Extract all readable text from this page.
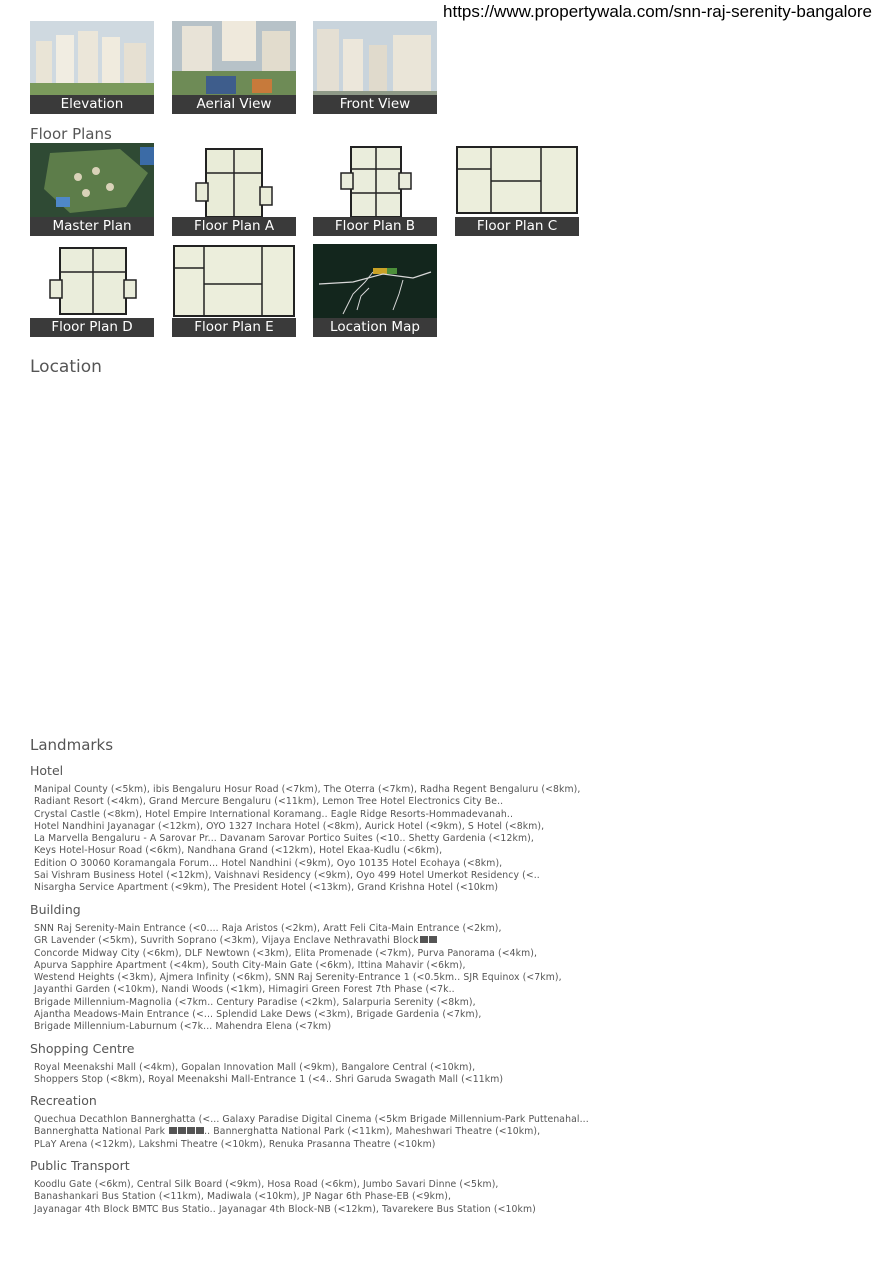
https://www.propertywala.com/snn-raj-serenity-bangalore
Elevation	Aerial View	Front View
Floor Plans
Master Plan	Floor Plan A	Floor Plan B	Floor Plan C
Floor Plan D	Floor Plan E	Location Map
Location
Landmarks
Hotel
Manipal County (<5km), ibis Bengaluru Hosur Road (<7km), The Oterra (<7km), Radha Regent Bengaluru (<8km),
Radiant Resort (<4km), Grand Mercure Bengaluru (<11km), Lemon Tree Hotel Electronics City Be..
Crystal Castle (<8km), Hotel Empire International Koramang.. Eagle Ridge Resorts-Hommadevanah..
Hotel Nandhini Jayanagar (<12km), OYO 1327 Inchara Hotel (<8km), Aurick Hotel (<9km), S Hotel (<8km),
La Marvella Bengaluru - A Sarovar Pr... Davanam Sarovar Portico Suites (<10.. Shetty Gardenia (<12km),
Keys Hotel-Hosur Road (<6km), Nandhana Grand (<12km), Hotel Ekaa-Kudlu (<6km),
Edition O 30060 Koramangala Forum... Hotel Nandhini (<9km), Oyo 10135 Hotel Ecohaya (<8km),
Sai Vishram Business Hotel (<12km), Vaishnavi Residency (<9km), Oyo 499 Hotel Umerkot Residency (<..
Nisargha Service Apartment (<9km), The President Hotel (<13km), Grand Krishna Hotel (<10km)
Building
SNN Raj Serenity-Main Entrance (<0.... Raja Aristos (<2km), Aratt Feli Cita-Main Entrance (<2km),
GR Lavender (<5km), Suvrith Soprano (<3km), Vijaya Enclave Nethravathi Block
Concorde Midway City (<6km), DLF Newtown (<3km), Elita Promenade (<7km), Purva Panorama (<4km),
Apurva Sapphire Apartment (<4km), South City-Main Gate (<6km), Ittina Mahavir (<6km),
Westend Heights (<3km), Ajmera Infinity (<6km), SNN Raj Serenity-Entrance 1 (<0.5km.. SJR Equinox (<7km),
Jayanthi Garden (<10km), Nandi Woods (<1km), Himagiri Green Forest 7th Phase (<7k..
Brigade Millennium-Magnolia (<7km.. Century Paradise (<2km), Salarpuria Serenity (<8km),
Ajantha Meadows-Main Entrance (<... Splendid Lake Dews (<3km), Brigade Gardenia (<7km),
Brigade Millennium-Laburnum (<7k... Mahendra Elena (<7km)
Shopping Centre
Royal Meenakshi Mall (<4km), Gopalan Innovation Mall (<9km), Bangalore Central (<10km),
Shoppers Stop (<8km), Royal Meenakshi Mall-Entrance 1 (<4.. Shri Garuda Swagath Mall (<11km)
Recreation
Quechua Decathlon Bannerghatta (<... Galaxy Paradise Digital Cinema (<5km Brigade Millennium-Park Puttenahal...
Bannerghatta National Park	.. Bannerghatta National Park (<11km), Maheshwari Theatre (<10km),
PLaY Arena (<12km), Lakshmi Theatre (<10km), Renuka Prasanna Theatre (<10km)
Public Transport
Koodlu Gate (<6km), Central Silk Board (<9km), Hosa Road (<6km), Jumbo Savari Dinne (<5km),
Banashankari Bus Station (<11km), Madiwala (<10km), JP Nagar 6th Phase-EB (<9km),
Jayanagar 4th Block BMTC Bus Statio.. Jayanagar 4th Block-NB (<12km), Tavarekere Bus Station (<10km)
